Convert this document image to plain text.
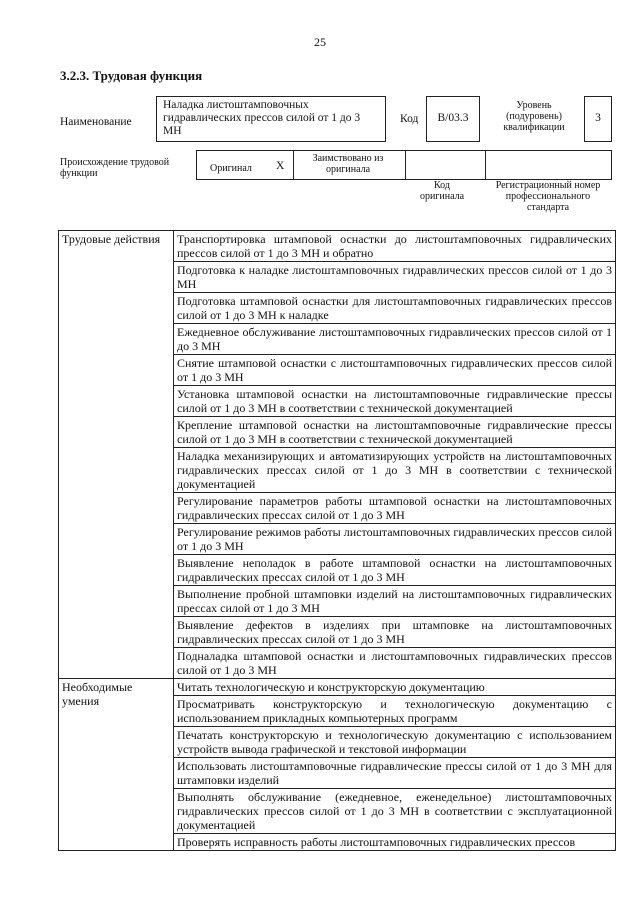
25
3.2.3. Трудовая функция
Наименование
Наладка листоштамповочных гидравлических прессов силой от 1 до 3 МН
Код	В/03.3
Уровень (подуровень) квалификации
3
Происхождение трудовой функции	Оригинал X
Заимствовано из оригинала
Код оригинала
Регистрационный номер профессионального стандарта
Трудовые действия	Транспортировка штамповой оснастки до листоштамповочных гидравлических прессов силой от 1 до 3 МН и обратно
	Подготовка к наладке листоштамповочных гидравлических прессов силой от 1 до 3 МН
	Подготовка штамповой оснастки для листоштамповочных гидравлических прессов силой от 1 до 3 МН к наладке
	Ежедневное обслуживание листоштамповочных гидравлических прессов силой от 1 до 3 МН
	Снятие штамповой оснастки с листоштамповочных гидравлических прессов силой от 1 до 3 МН
	Установка штамповой оснастки на листоштамповочные гидравлические прессы силой от 1 до 3 МН в соответствии с технической документацией
	Крепление штамповой оснастки на листоштамповочные гидравлические прессы силой от 1 до 3 МН в соответствии с технической документацией
	Наладка механизирующих и автоматизирующих устройств на листоштамповочных гидравлических прессах силой от 1 до 3 МН в соответствии с технической документацией
	Регулирование параметров работы штамповой оснастки на листоштамповочных гидравлических прессах силой от 1 до 3 МН
	Регулирование режимов работы листоштамповочных гидравлических прессов силой от 1 до 3 МН
	Выявление неполадок в работе штамповой оснастки на листоштамповочных гидравлических прессах силой от 1 до 3 МН
	Выполнение пробной штамповки изделий на листоштамповочных гидравлических прессах силой от 1 до 3 МН
	Выявление дефектов в изделиях при штамповке на листоштамповочных гидравлических прессах силой от 1 до 3 МН
	Подналадка штамповой оснастки и листоштамповочных гидравлических прессов силой от 1 до 3 МН

Необходимые умения	Читать технологическую и конструкторскую документацию
	Просматривать конструкторскую и технологическую документацию с использованием прикладных компьютерных программ
	Печатать конструкторскую и технологическую документацию с использованием устройств вывода графической и текстовой информации
	Использовать листоштамповочные гидравлические прессы силой от 1 до 3 МН для штамповки изделий
	Выполнять обслуживание (ежедневное, еженедельное) листоштамповочных гидравлических прессов силой от 1 до 3 МН в соответствии с эксплуатационной документацией
	Проверять исправность работы листоштамповочных гидравлических прессов
